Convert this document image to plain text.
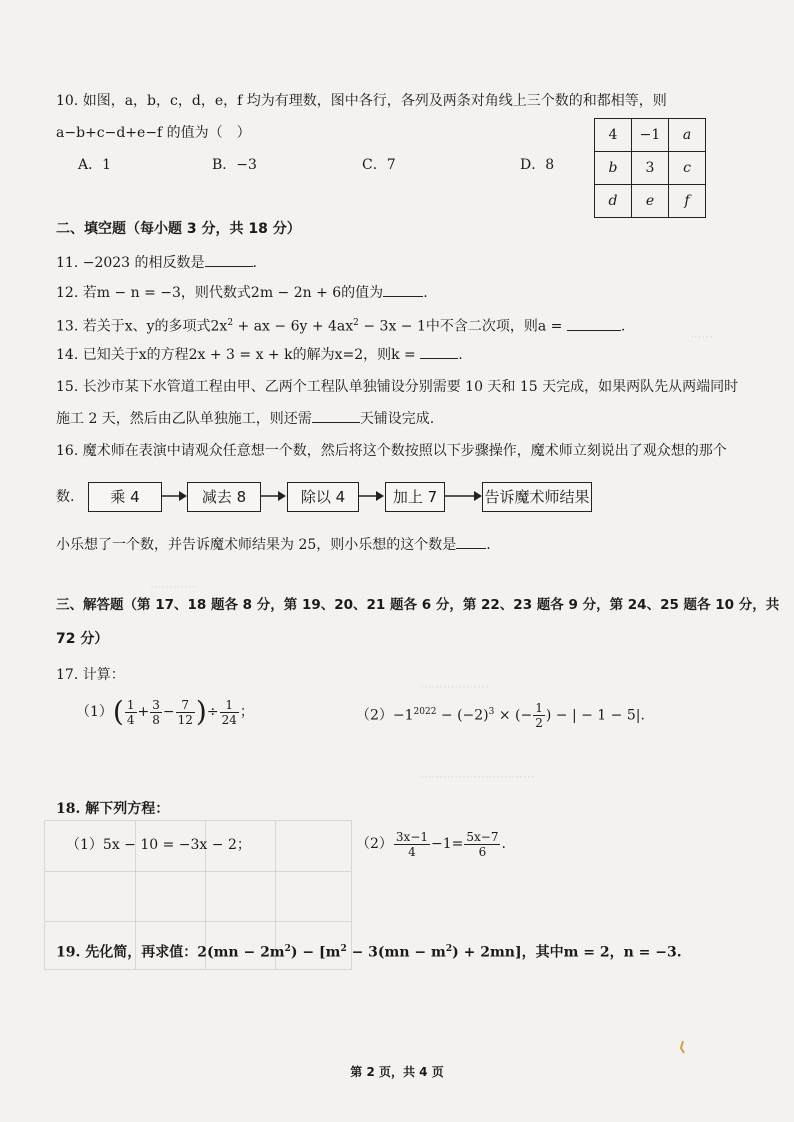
······
············
··················
······························
10. 如图，a，b，c，d，e，f 均为有理数，图中各行，各列及两条对角线上三个数的和都相等，则
a−b+c−d+e−f 的值为（　）
A．1	B．−3	C．7	D．8
4	−1	a
b	3	c
d	e	f
二、填空题（每小题 3 分，共 18 分）
11. −2023 的相反数是	.
12. 若m − n = −3，则代数式2m − 2n + 6的值为	.
13. 若关于x、y的多项式$2x^2$ + ax − $6y + 4ax^2 - 3x - 1$中不含二次项，则a =	.
14. 已知关于x的方程2x + 3 = x + k的解为x=2，则k =	.
15. 长沙市某下水管道工程由甲、乙两个工程队单独铺设分别需要 10 天和 15 天完成，如果两队先从两端同时
施工 2 天，然后由乙队单独施工，则还需	天铺设完成.
16. 魔术师在表演中请观众任意想一个数，然后将这个数按照以下步骤操作，魔术师立刻说出了观众想的那个
数.	乘 4	减去 8	除以 4	加上 7	告诉魔术师结果
小乐想了一个数，并告诉魔术师结果为 25，则小乐想的这个数是 .
三、解答题（第 17、18 题各 8 分，第 19、20、21 题各 6 分，第 22、23 题各 9 分，第 24、25 题各 10 分，共
72 分）
17. 计算：
$(1)( \frac{1}{4} + \frac{3}{8} - \frac{7}{12}$ )÷ $\frac{1}{24}$ ；	$(2)-1^{2022} - (-2)^3$ × (− $\frac{1}{2}$ ) − | − 1 − 5|.
18. 解下列方程：
（1）5x − 10 = −3x − 2；	$(2) \frac{3x-1}{4} -1= \frac{5x-7}{6}$ .
19. 先化简，再求值：$2(mn - 2m^2) - [m^2 - 3(mn - m^2) + 2mn]$，其中m = 2，n = −3.
第 2 页，共 4 页
